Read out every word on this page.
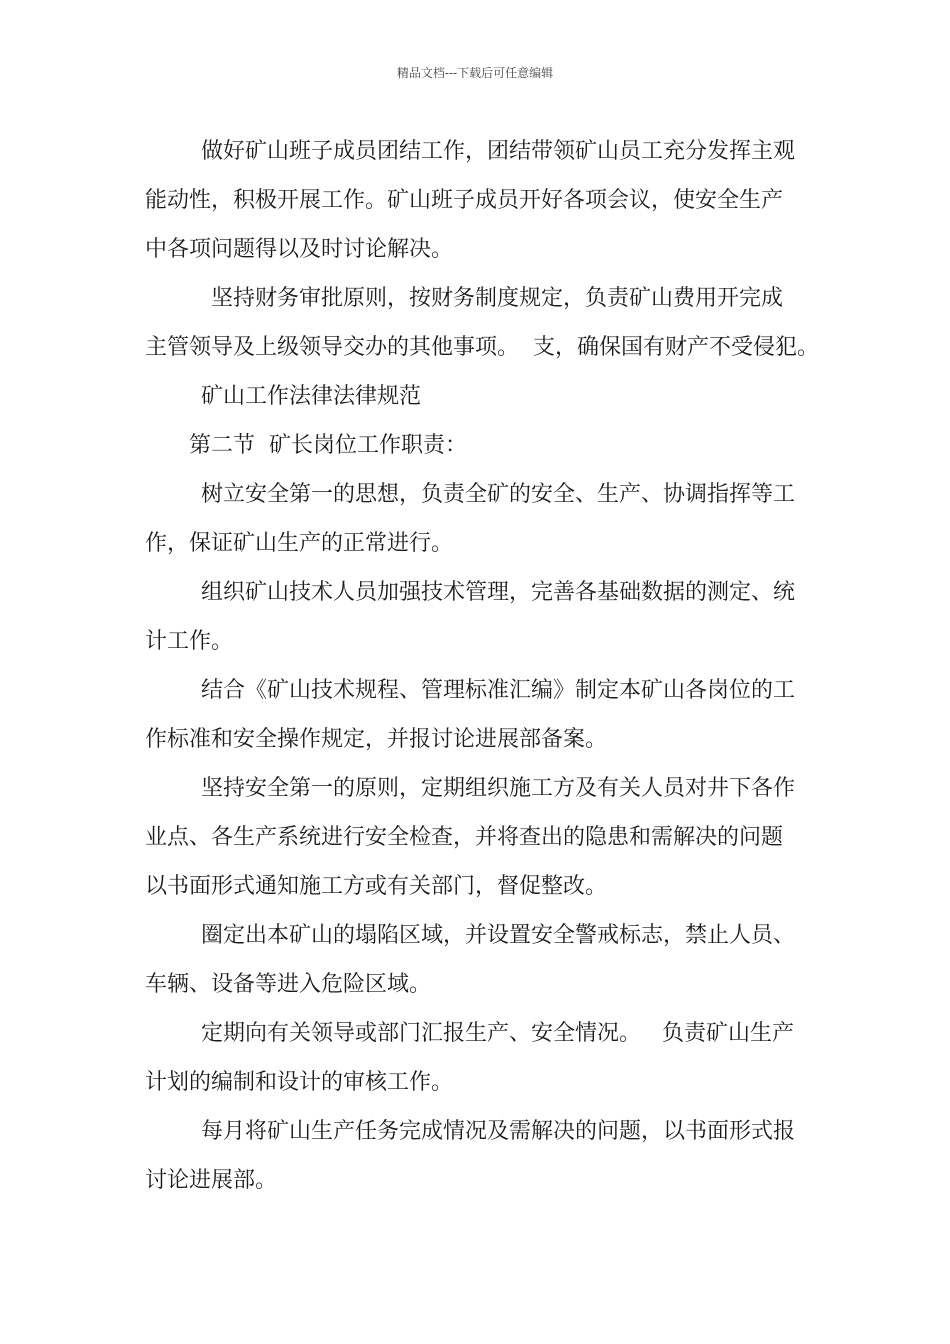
精品文档---下载后可任意编辑

做好矿山班子成员团结工作，团结带领矿山员工充分发挥主观
能动性，积极开展工作。矿山班子成员开好各项会议，使安全生产
中各项问题得以及时讨论解决。

坚持财务审批原则，按财务制度规定，负责矿山费用开完成
主管领导及上级领导交办的其他事项。  支，确保国有财产不受侵犯。

矿山工作法律法律规范

第二节  矿长岗位工作职责：

树立安全第一的思想，负责全矿的安全、生产、协调指挥等工
作，保证矿山生产的正常进行。

组织矿山技术人员加强技术管理，完善各基础数据的测定、统
计工作。

结合《矿山技术规程、管理标准汇编》制定本矿山各岗位的工
作标准和安全操作规定，并报讨论进展部备案。

坚持安全第一的原则，定期组织施工方及有关人员对井下各作
业点、各生产系统进行安全检查，并将查出的隐患和需解决的问题
以书面形式通知施工方或有关部门，督促整改。

圈定出本矿山的塌陷区域，并设置安全警戒标志，禁止人员、
车辆、设备等进入危险区域。

定期向有关领导或部门汇报生产、安全情况。   负责矿山生产
计划的编制和设计的审核工作。

每月将矿山生产任务完成情况及需解决的问题，以书面形式报
讨论进展部。
